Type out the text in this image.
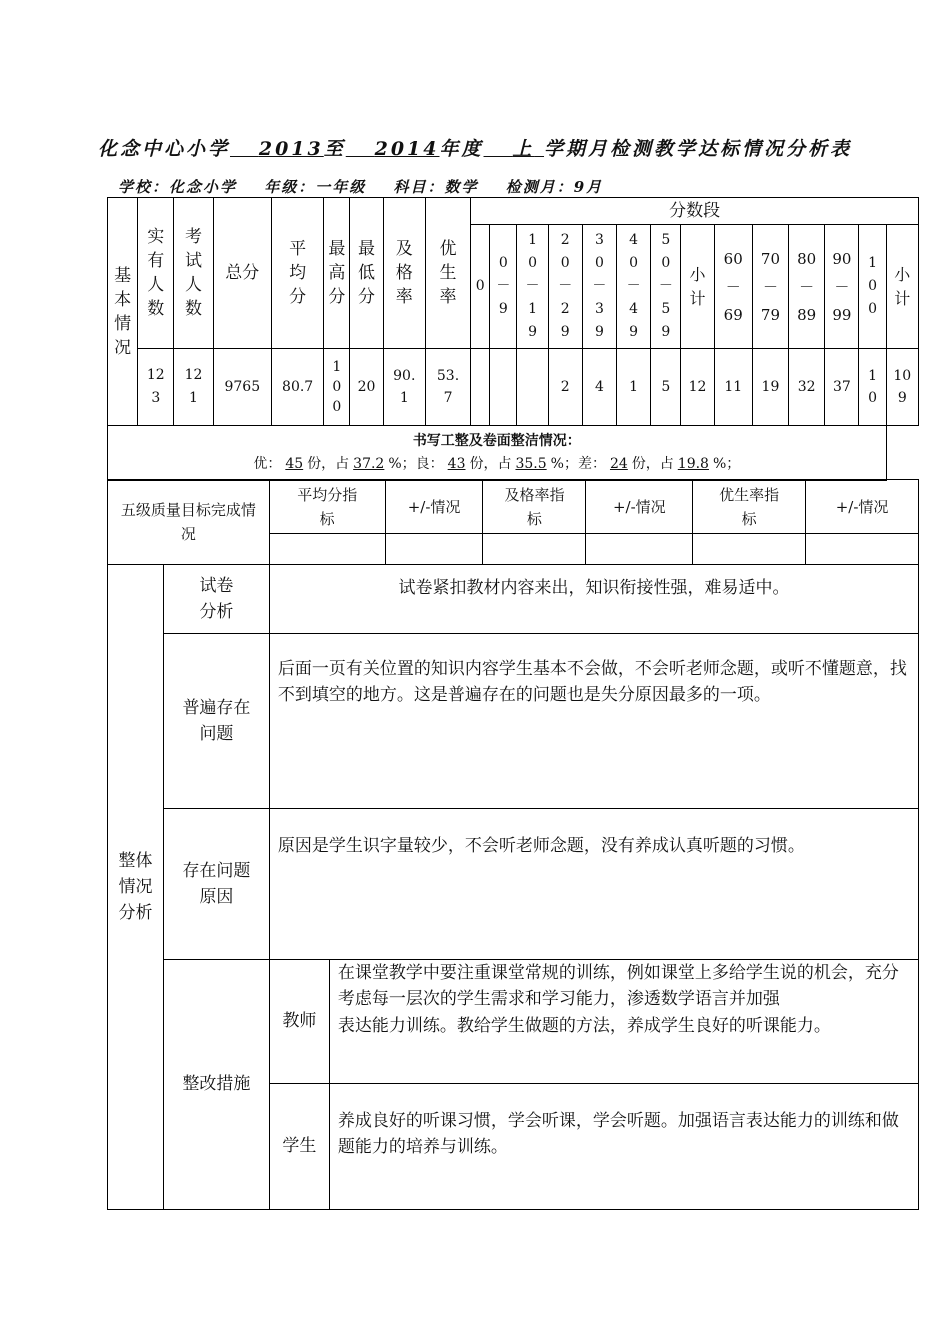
化念中心小学 2013至 2014年度 上 学期月检测教学达标情况分析表
学校：化念小学 年级：一年级 科目：数学 检测月：9月
基本情况	实有人数	考试人数	总分	平均分	最高分	最低分	及格率	优生率	分数段													
									0	0－9	10－19	20－29	30－39	40－49	50－59	小计	60－69	70－79	80－89	90－99	100	小计
	123	121	9765	80.7	100	20	90.1	53.7				2	4	1	5	12	11	19	32	37	10	109

书写工整及卷面整洁情况：
优： 45 份，占 37.2 %；良： 43 份，占 35.5 %；差： 24 份，占 19.8 %；																						
五级质量目标完成情况	平均分指标	+/-情况	及格率指标	+/-情况	优生率指标	+/-情况

整体情况分析	试卷分析	试卷紧扣教材内容来出，知识衔接性强，难易适中。	
	普遍存在问题	后面一页有关位置的知识内容学生基本不会做，不会听老师念题，或听不懂题意，找不到填空的地方。这是普遍存在的问题也是失分原因最多的一项。	
	存在问题原因	原因是学生识字量较少，不会听老师念题，没有养成认真听题的习惯。	
	整改措施	教师	在课堂教学中要注重课堂常规的训练，例如课堂上多给学生说的机会，充分考虑每一层次的学生需求和学习能力，渗透数学语言并加强
表达能力训练。教给学生做题的方法，养成学生良好的听课能力。

		学生	养成良好的听课习惯，学会听课，学会听题。加强语言表达能力的训练和做题能力的培养与训练。
